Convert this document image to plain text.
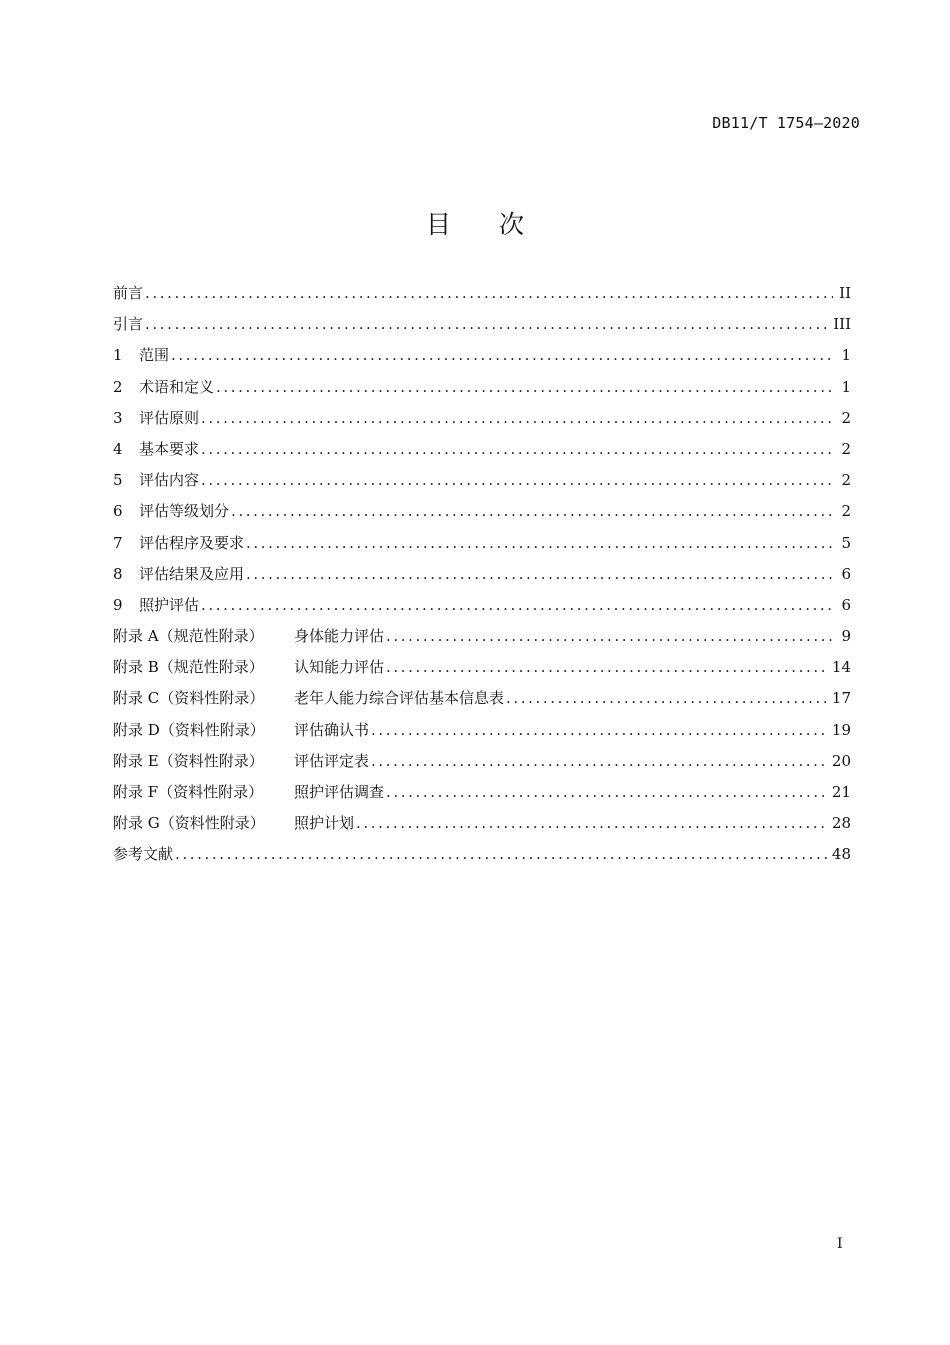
DB11/T 1754—2020
目 次
前言 .....	II
引言 .....	III
1	范围 .....	1
2	术语和定义 .....	1
3	评估原则 .....	2
4	基本要求 .....	2
5	评估内容 .....	2
6	评估等级划分 .....	2
7	评估程序及要求 .....	5
8	评估结果及应用 .....	6
9	照护评估 .....	6
附录 A（规范性附录）	身体能力评估 .....	9
附录 B（规范性附录）	认知能力评估 .....	14
附录 C（资料性附录）	老年人能力综合评估基本信息表 .....	17
附录 D（资料性附录）	评估确认书 .....	19
附录 E（资料性附录）	评估评定表 .....	20
附录 F（资料性附录）	照护评估调查 .....	21
附录 G（资料性附录）	照护计划 .....	28
参考文献 .....	48
I
